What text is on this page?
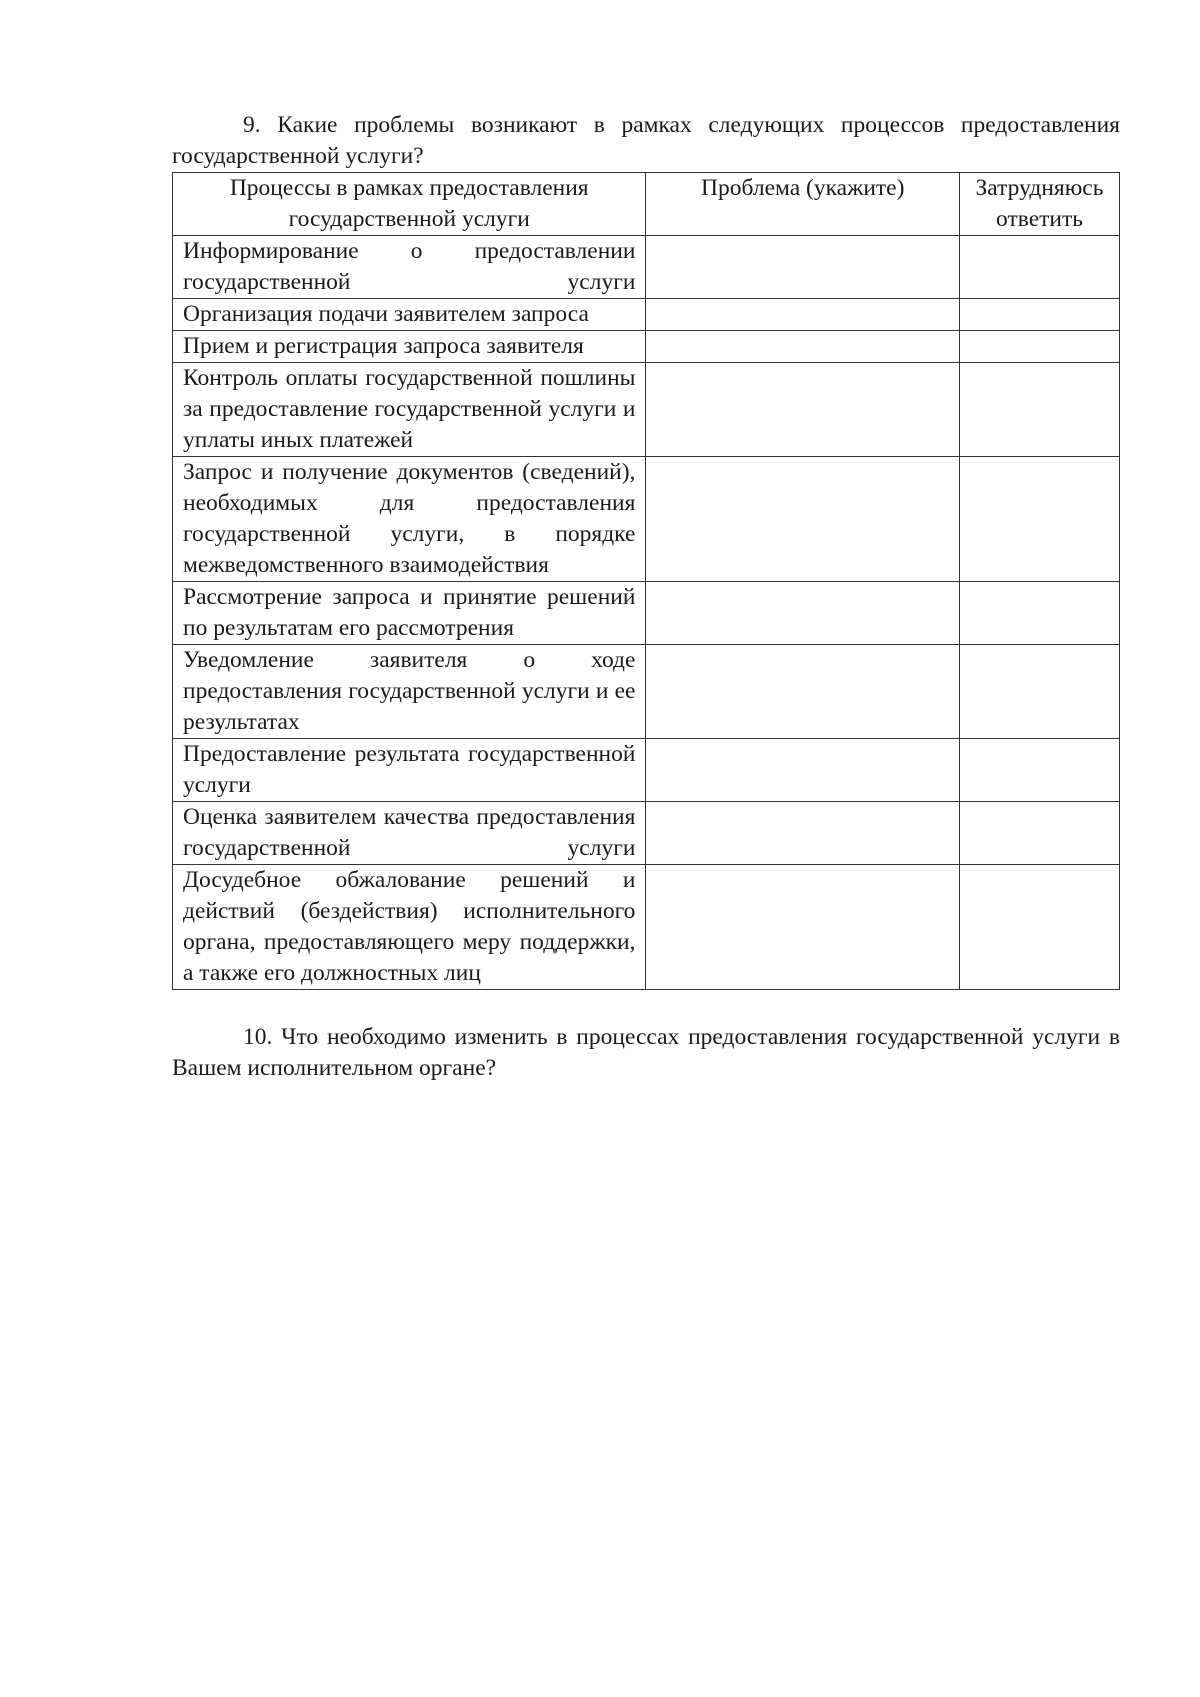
9. Какие проблемы возникают в рамках следующих процессов предоставления государственной услуги?

Процессы в рамках предоставления государственной услуги	Проблема (укажите)	Затрудняюсь ответить
Информирование о предоставлении государственной услуги		
Организация подачи заявителем запроса		
Прием и регистрация запроса заявителя		
Контроль оплаты государственной пошлины за предоставление государственной услуги и уплаты иных платежей		
Запрос и получение документов (сведений), необходимых для предоставления государственной услуги, в порядке межведомственного взаимодействия		
Рассмотрение запроса и принятие решений по результатам его рассмотрения		
Уведомление заявителя о ходе предоставления государственной услуги и ее результатах		
Предоставление результата государственной услуги		
Оценка заявителем качества предоставления государственной услуги		
Досудебное обжалование решений и действий (бездействия) исполнительного органа, предоставляющего меру поддержки, а также его должностных лиц		

10. Что необходимо изменить в процессах предоставления государственной услуги в Вашем исполнительном органе?
